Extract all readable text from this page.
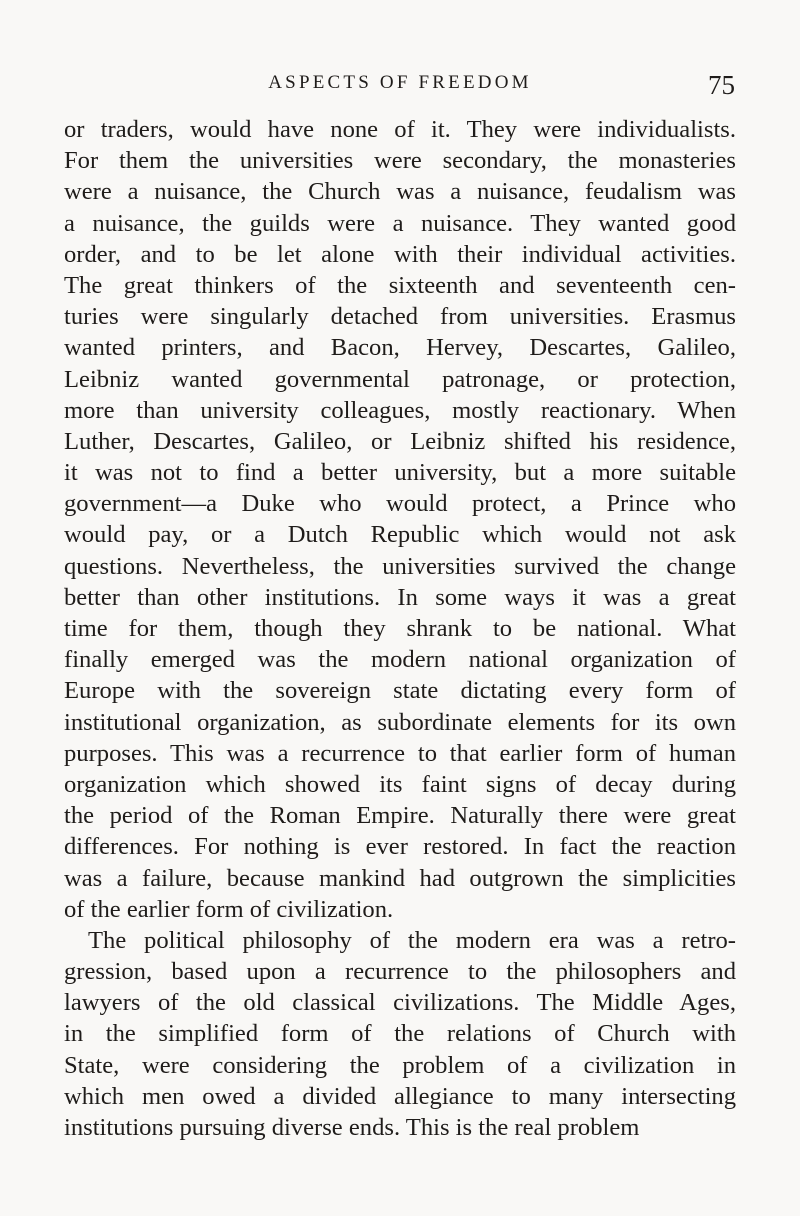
ASPECTS OF FREEDOM	75
or traders, would have none of it. They were individualists.
For them the universities were secondary, the monasteries
were a nuisance, the Church was a nuisance, feudalism was
a nuisance, the guilds were a nuisance. They wanted good
order, and to be let alone with their individual activities.
The great thinkers of the sixteenth and seventeenth cen-
turies were singularly detached from universities. Erasmus
wanted printers, and Bacon, Hervey, Descartes, Galileo,
Leibniz wanted governmental patronage, or protection,
more than university colleagues, mostly reactionary. When
Luther, Descartes, Galileo, or Leibniz shifted his residence,
it was not to find a better university, but a more suitable
government—a Duke who would protect, a Prince who
would pay, or a Dutch Republic which would not ask
questions. Nevertheless, the universities survived the change
better than other institutions. In some ways it was a great
time for them, though they shrank to be national. What
finally emerged was the modern national organization of
Europe with the sovereign state dictating every form of
institutional organization, as subordinate elements for its own
purposes. This was a recurrence to that earlier form of human
organization which showed its faint signs of decay during
the period of the Roman Empire. Naturally there were great
differences. For nothing is ever restored. In fact the reaction
was a failure, because mankind had outgrown the simplicities
of the earlier form of civilization.
The political philosophy of the modern era was a retro-
gression, based upon a recurrence to the philosophers and
lawyers of the old classical civilizations. The Middle Ages,
in the simplified form of the relations of Church with
State, were considering the problem of a civilization in
which men owed a divided allegiance to many intersecting
institutions pursuing diverse ends. This is the real problem
